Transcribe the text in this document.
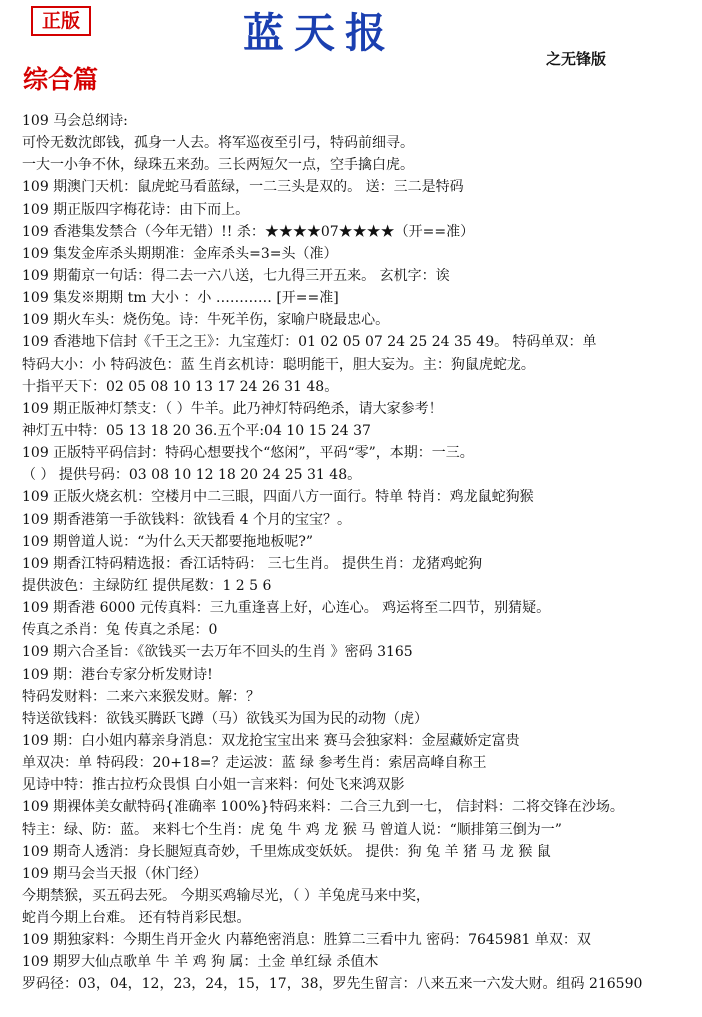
正版	蓝天报
之无锋版
综合篇
109 马会总纲诗:
可怜无数沈郎钱，孤身一人去。将军巡夜至引弓，特码前细寻。
一大一小争不休，绿珠五来劲。三长两短欠一点，空手擒白虎。
109 期澳门天机：鼠虎蛇马看蓝绿，一二三头是双的。 送：三二是特码
109 期正版四字梅花诗：由下而上。
109 香港集发禁合（今年无错）!! 杀：★★★★07★★★★（开==准）
109 集发金库杀头期期准：金库杀头=3=头（准）
109 期葡京一句话：得二去一六八送，七九得三开五来。 玄机字：诶
109 集发※期期 tm 大小 ：小 ………… [开==准]
109 期火车头：烧伤兔。诗：牛死羊伤，家喻户晓最忠心。
109 香港地下信封《千王之王》：九宝莲灯：01 02 05 07 24 25 24 35 49。 特码单双：单
特码大小：小 特码波色：蓝 生肖玄机诗：聪明能干，胆大妄为。主：狗鼠虎蛇龙。
十指平天下：02 05 08 10 13 17 24 26 31 48。
109 期正版神灯禁支：（ ）牛羊。此乃神灯特码绝杀，请大家参考！
神灯五中特：05 13 18 20 36.五个平:04 10 15 24 37
109 正版特平码信封：特码心想要找个“悠闲”，平码“零”，本期：一三。
（ ） 提供号码：03 08 10 12 18 20 24 25 31 48。
109 正版火烧玄机：空楼月中二三眼，四面八方一面行。特单 特肖：鸡龙鼠蛇狗猴
109 期香港第一手欲钱料：欲钱看 4 个月的宝宝？。
109 期曾道人说：“为什么天天都要拖地板呢?”
109 期香江特码精选报：香江话特码： 三七生肖。 提供生肖：龙猪鸡蛇狗
提供波色：主绿防红 提供尾数：1 2 5 6
109 期香港 6000 元传真料：三九重逢喜上好，心连心。 鸡运将至二四节，别猜疑。
传真之杀肖：兔 传真之杀尾：0
109 期六合圣旨：《欲钱买一去万年不回头的生肖 》密码 3165
109 期：港台专家分析发财诗!
特码发财料：二来六来猴发财。解：？
特送欲钱料：欲钱买腾跃飞蹲（马）欲钱买为国为民的动物（虎）
109 期：白小姐内幕亲身消息：双龙抢宝宝出来 赛马会独家料：金屋藏娇定富贵
单双决：单 特码段：20+18=？走运波：蓝 绿 参考生肖：索居高峰自称王
见诗中特：推古拉朽众畏惧 白小姐一言来料：何处飞来鸿双影
109 期裸体美女献特码{准确率 100%}特码来料：二合三九到一七， 信封料：二将交锋在沙场。
特主：绿、防：蓝。 来料七个生肖：虎 兔 牛 鸡 龙 猴 马 曾道人说：“顺排第三倒为一”
109 期奇人透消：身长腿短真奇妙，千里炼成变妖妖。 提供：狗 兔 羊 猪 马 龙 猴 鼠
109 期马会当天报（休门经）
今期禁猴，买五码去死。 今期买鸡输尽光，（ ）羊兔虎马来中奖，
蛇肖今期上台难。 还有特肖彩民想。
109 期独家料：今期生肖开金火 内幕绝密消息：胜算二三看中九 密码：7645981 单双：双
109 期罗大仙点歌单 牛 羊 鸡 狗 属：土金 单红绿 杀值木
罗码径：03，04，12，23，24，15，17，38，罗先生留言：八来五来一六发大财。组码 216590
